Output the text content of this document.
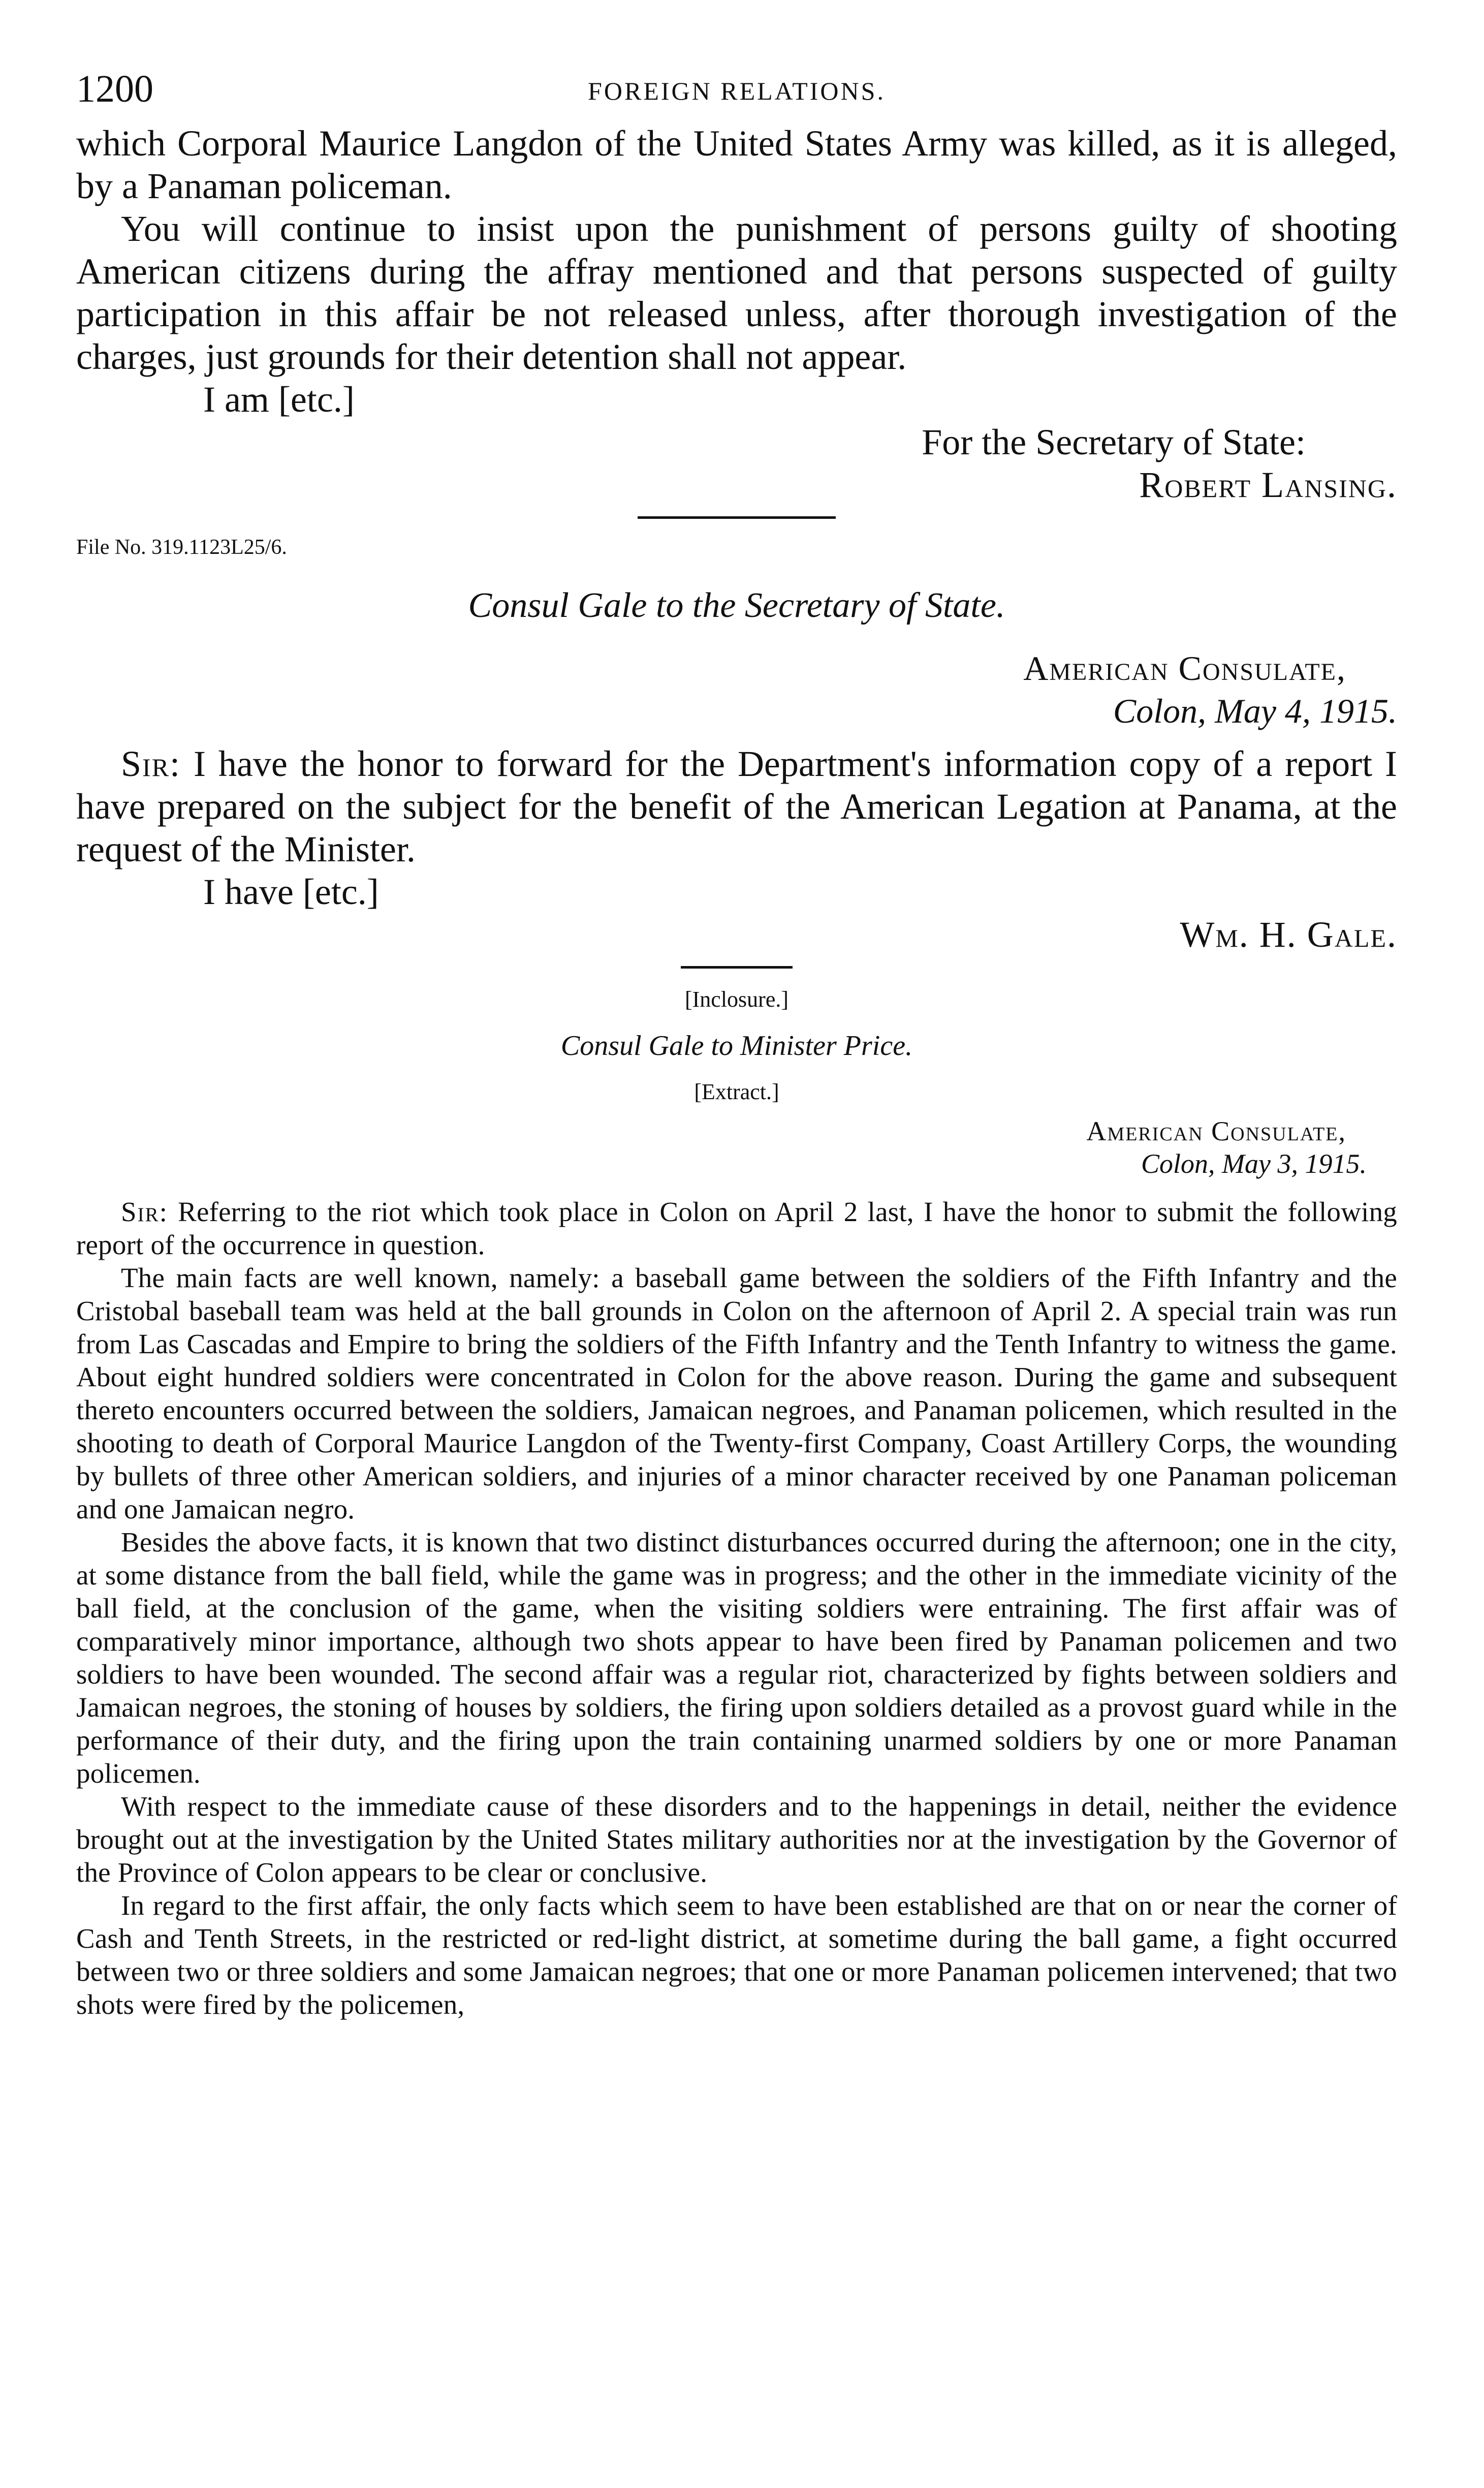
1200	FOREIGN RELATIONS.

which Corporal Maurice Langdon of the United States Army was killed, as it is alleged, by a Panaman policeman.

You will continue to insist upon the punishment of persons guilty of shooting American citizens during the affray mentioned and that persons suspected of guilty participation in this affair be not released unless, after thorough investigation of the charges, just grounds for their detention shall not appear.

I am [etc.]

For the Secretary of State:

Robert Lansing.

File No. 319.1123L25/6.

Consul Gale to the Secretary of State.

American Consulate,

Colon, May 4, 1915.

Sir: I have the honor to forward for the Department's information copy of a report I have prepared on the subject for the benefit of the American Legation at Panama, at the request of the Minister.

I have [etc.]

Wm. H. Gale.

[Inclosure.]

Consul Gale to Minister Price.

[Extract.]

American Consulate,

Colon, May 3, 1915.

Sir: Referring to the riot which took place in Colon on April 2 last, I have the honor to submit the following report of the occurrence in question.

The main facts are well known, namely: a baseball game between the soldiers of the Fifth Infantry and the Cristobal baseball team was held at the ball grounds in Colon on the afternoon of April 2. A special train was run from Las Cascadas and Empire to bring the soldiers of the Fifth Infantry and the Tenth Infantry to witness the game. About eight hundred soldiers were concentrated in Colon for the above reason. During the game and subsequent thereto encounters occurred between the soldiers, Jamaican negroes, and Panaman policemen, which resulted in the shooting to death of Corporal Maurice Langdon of the Twenty-first Company, Coast Artillery Corps, the wounding by bullets of three other American soldiers, and injuries of a minor character received by one Panaman policeman and one Jamaican negro.

Besides the above facts, it is known that two distinct disturbances occurred during the afternoon; one in the city, at some distance from the ball field, while the game was in progress; and the other in the immediate vicinity of the ball field, at the conclusion of the game, when the visiting soldiers were entraining. The first affair was of comparatively minor importance, although two shots appear to have been fired by Panaman policemen and two soldiers to have been wounded. The second affair was a regular riot, characterized by fights between soldiers and Jamaican negroes, the stoning of houses by soldiers, the firing upon soldiers detailed as a provost guard while in the performance of their duty, and the firing upon the train containing unarmed soldiers by one or more Panaman policemen.

With respect to the immediate cause of these disorders and to the happenings in detail, neither the evidence brought out at the investigation by the United States military authorities nor at the investigation by the Governor of the Province of Colon appears to be clear or conclusive.

In regard to the first affair, the only facts which seem to have been established are that on or near the corner of Cash and Tenth Streets, in the restricted or red-light district, at sometime during the ball game, a fight occurred between two or three soldiers and some Jamaican negroes; that one or more Panaman policemen intervened; that two shots were fired by the policemen,
